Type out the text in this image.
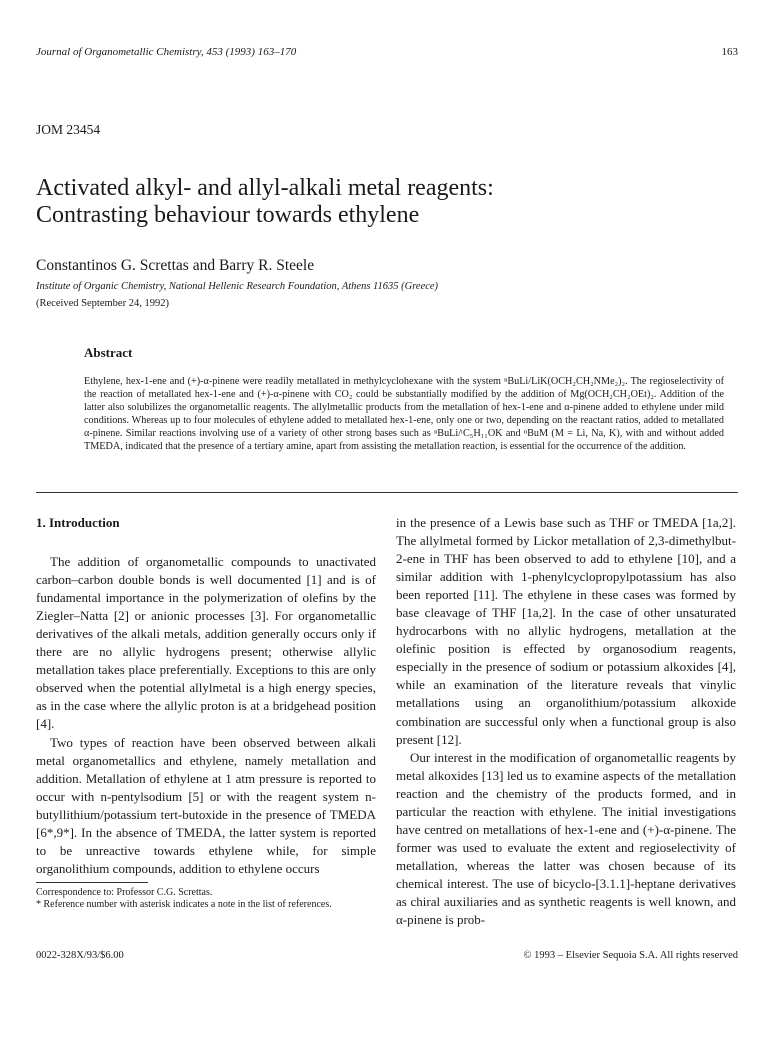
Journal of Organometallic Chemistry, 453 (1993) 163–170	163
JOM 23454
Activated alkyl- and allyl-alkali metal reagents:
Contrasting behaviour towards ethylene
Constantinos G. Screttas and Barry R. Steele
Institute of Organic Chemistry, National Hellenic Research Foundation, Athens 11635 (Greece)
(Received September 24, 1992)
Abstract
Ethylene, hex-1-ene and (+)-α-pinene were readily metallated in methylcyclohexane with the system ⁿBuLi/LiK(OCH₂CH₂NMe₂)₂. The regioselectivity of the reaction of metallated hex-1-ene and (+)-α-pinene with CO₂ could be substantially modified by the addition of Mg(OCH₂CH₂OEt)₂. Addition of the latter also solubilizes the organometallic reagents. The allylmetallic products from the metallation of hex-1-ene and α-pinene added to ethylene under mild conditions. Whereas up to four molecules of ethylene added to metallated hex-1-ene, only one or two, depending on the reactant ratios, added to metallated α-pinene. Similar reactions involving use of a variety of other strong bases such as ⁿBuLi/ᵗC₅H₁₁OK and ⁿBuM (M = Li, Na, K), with and without added TMEDA, indicated that the presence of a tertiary amine, apart from assisting the metallation reaction, is essential for the occurrence of the addition.
1. Introduction

The addition of organometallic compounds to unactivated carbon–carbon double bonds is well documented [1] and is of fundamental importance in the polymerization of olefins by the Ziegler–Natta [2] or anionic processes [3]. For organometallic derivatives of the alkali metals, addition generally occurs only if there are no allylic hydrogens present; otherwise allylic metallation takes place preferentially. Exceptions to this are only observed when the potential allylmetal is a high energy species, as in the case where the allylic proton is at a bridgehead position [4].

Two types of reaction have been observed between alkali metal organometallics and ethylene, namely metallation and addition. Metallation of ethylene at 1 atm pressure is reported to occur with n-pentylsodium [5] or with the reagent system n-butyllithium/potassium tert-butoxide in the presence of TMEDA [6*,9*]. In the absence of TMEDA, the latter system is reported to be unreactive towards ethylene while, for simple organolithium compounds, addition to ethylene occurs

in the presence of a Lewis base such as THF or TMEDA [1a,2]. The allylmetal formed by Lickor metallation of 2,3-dimethylbut-2-ene in THF has been observed to add to ethylene [10], and a similar addition with 1-phenylcyclopropylpotassium has also been reported [11]. The ethylene in these cases was formed by base cleavage of THF [1a,2]. In the case of other unsaturated hydrocarbons with no allylic hydrogens, metallation at the olefinic position is effected by organosodium reagents, especially in the presence of sodium or potassium alkoxides [4], while an examination of the literature reveals that vinylic metallations using an organolithium/potassium alkoxide combination are successful only when a functional group is also present [12].

Our interest in the modification of organometallic reagents by metal alkoxides [13] led us to examine aspects of the metallation reaction and the chemistry of the products formed, and in particular the reaction with ethylene. The initial investigations have centred on metallations of hex-1-ene and (+)-α-pinene. The former was used to evaluate the extent and regioselectivity of metallation, whereas the latter was chosen because of its chemical interest. The use of bicyclo-[3.1.1]-heptane derivatives as chiral auxiliaries and as synthetic reagents is well known, and α-pinene is prob-

Correspondence to: Professor C.G. Screttas.
* Reference number with asterisk indicates a note in the list of references.
0022-328X/93/$6.00	© 1993 – Elsevier Sequoia S.A. All rights reserved
